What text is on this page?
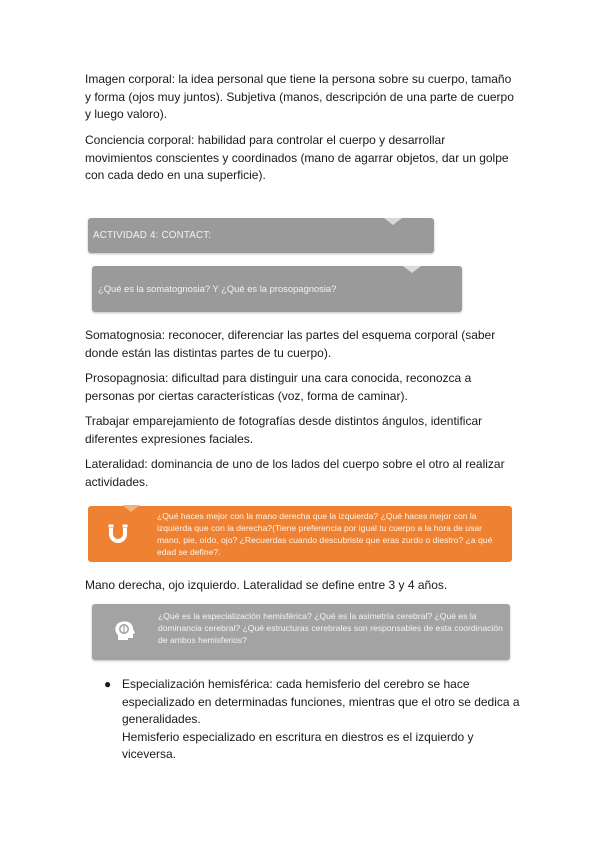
Imagen corporal: la idea personal que tiene la persona sobre su cuerpo, tamaño y forma (ojos muy juntos). Subjetiva (manos, descripción de una parte de cuerpo y luego valoro).

Conciencia corporal: habilidad para controlar el cuerpo y desarrollar movimientos conscientes y coordinados (mano de agarrar objetos, dar un golpe con cada dedo en una superficie).

ACTIVIDAD 4: CONTACT:
¿Qué es la somatognosia? Y ¿Qué es la prosopagnosia?

Somatognosia: reconocer, diferenciar las partes del esquema corporal (saber donde están las distintas partes de tu cuerpo).

Prosopagnosia: dificultad para distinguir una cara conocida, reconozca a personas por ciertas características (voz, forma de caminar).

Trabajar emparejamiento de fotografías desde distintos ángulos, identificar diferentes expresiones faciales.

Lateralidad: dominancia de uno de los lados del cuerpo sobre el otro al realizar actividades.

¿Qué haces mejor con la mano derecha que la izquierda? ¿Qué haces mejor con la izquierda que con la derecha?(Tiene preferencia por igual tu cuerpo a la hora de usar mano, pie, oído, ojo? ¿Recuerdas cuando descubriste que eras zurdo o diestro? ¿a qué edad se define?.

Mano derecha, ojo izquierdo. Lateralidad se define entre 3 y 4 años.

¿Qué es la especialización hemisférica? ¿Qué es la asimetría cerebral? ¿Qué es la dominancia cerebral? ¿Qué estructuras cerebrales son responsables de esta coordinación de ambos hemisferios?
● Especialización hemisférica: cada hemisferio del cerebro se hace especializado en determinadas funciones, mientras que el otro se dedica a generalidades.
Hemisferio especializado en escritura en diestros es el izquierdo y viceversa.
